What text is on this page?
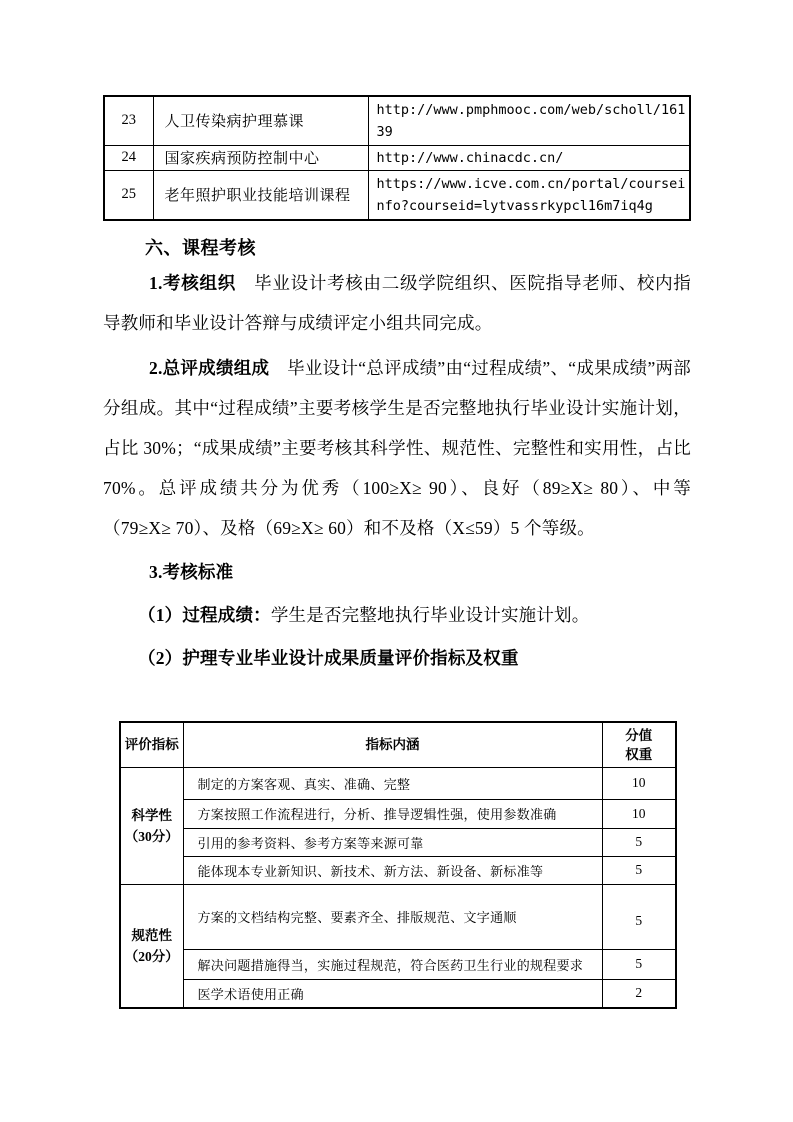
23	人卫传染病护理慕课	http://www.pmphmooc.com/web/scholl/16139
24	国家疾病预防控制中心	http://www.chinacdc.cn/
25	老年照护职业技能培训课程	https://www.icve.com.cn/portal/courseinfo?courseid=lytvassrkypcl16m7iq4g
六、课程考核

1.考核组织　毕业设计考核由二级学院组织、医院指导老师、校内指导教师和毕业设计答辩与成绩评定小组共同完成。

2.总评成绩组成　毕业设计“总评成绩”由“过程成绩”、“成果成绩”两部分组成。其中“过程成绩”主要考核学生是否完整地执行毕业设计实施计划，占比 30%；“成果成绩”主要考核其科学性、规范性、完整性和实用性，占比 70%。总评成绩共分为优秀（100≥X≥ 90）、良好（89≥X≥ 80）、中等（79≥X≥ 70）、及格（69≥X≥ 60）和不及格（X≤59）5 个等级。

3.考核标准

（1）过程成绩：学生是否完整地执行毕业设计实施计划。

（2）护理专业毕业设计成果质量评价指标及权重

评价指标	指标内涵	分值
权重

科学性
（30分）	制定的方案客观、真实、准确、完整	10
	方案按照工作流程进行，分析、推导逻辑性强，使用参数准确	10
	引用的参考资料、参考方案等来源可靠	5
	能体现本专业新知识、新技术、新方法、新设备、新标准等	5

规范性
（20分）	方案的文档结构完整、要素齐全、排版规范、文字通顺	5
	解决问题措施得当，实施过程规范，符合医药卫生行业的规程要求	5
	医学术语使用正确	2
